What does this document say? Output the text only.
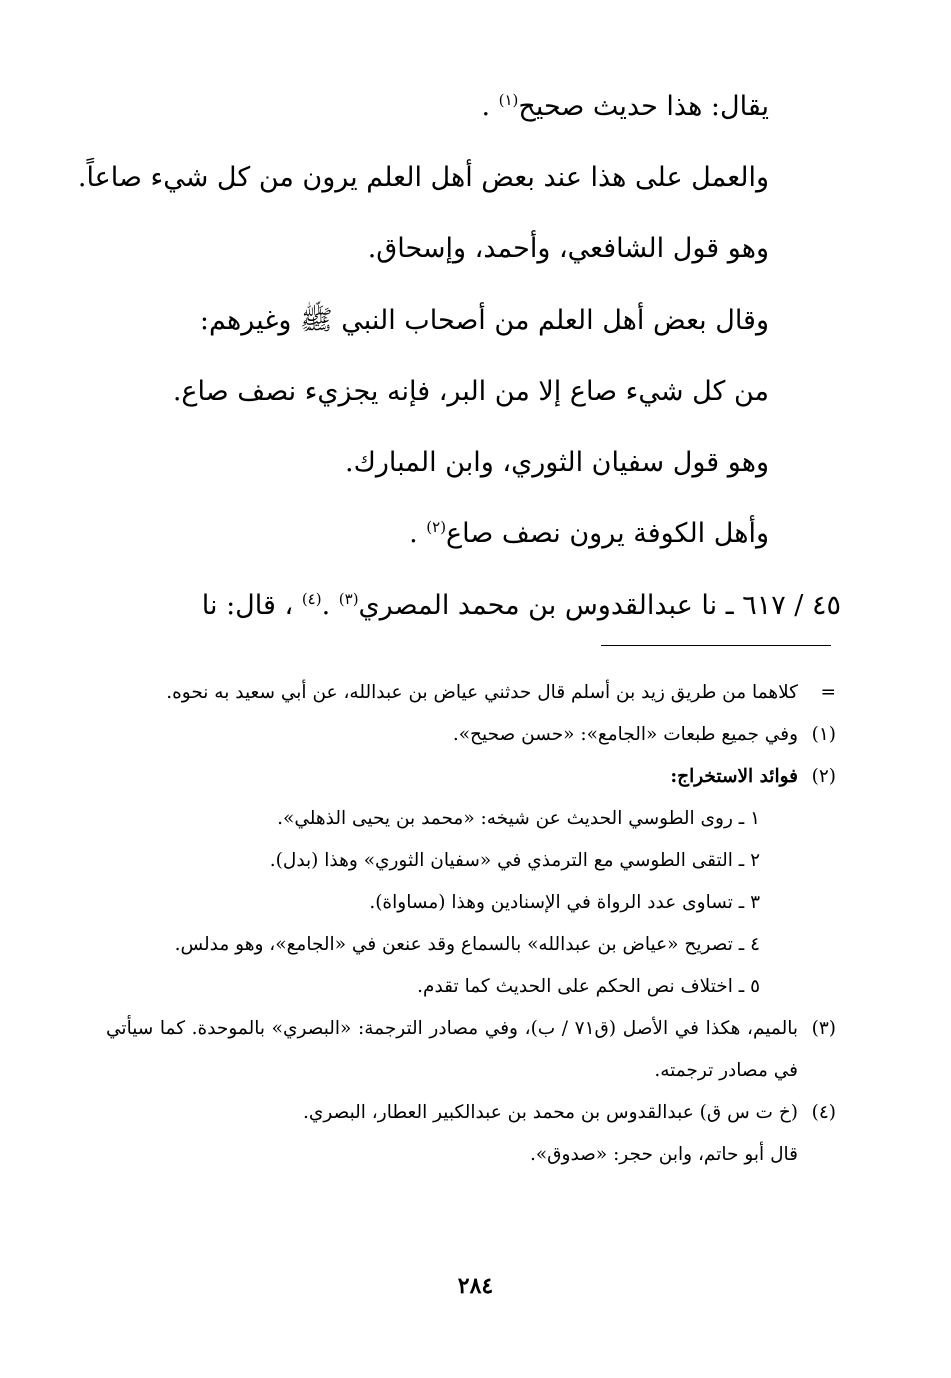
يقال: هذا حديث صحيح$^{(١)}$ .
والعمل على هذا عند بعض أهل العلم يرون من كل شيء صاعاً.
وهو قول الشافعي، وأحمد، وإسحاق.
وقال بعض أهل العلم من أصحاب النبي ﷺ وغيرهم:
من كل شيء صاع إلا من البر، فإنه يجزيء نصف صاع.
وهو قول سفيان الثوري، وابن المبارك.
وأهل الكوفة يرون نصف صاع$^{(٢)}$ .
٤٥ / ٦١٧ ـ نا عبدالقدوس بن محمد المصري$^{(٣)}$ .$^{(٤)}$ ، قال: نا
=
كلاهما من طريق زيد بن أسلم قال حدثني عياض بن عبدالله، عن أبي سعيد به نحوه.
(١)
وفي جميع طبعات «الجامع»: «حسن صحيح».
(٢)
فوائد الاستخراج:
١ ـ روى الطوسي الحديث عن شيخه: «محمد بن يحيى الذهلي».
٢ ـ التقى الطوسي مع الترمذي في «سفيان الثوري» وهذا (بدل).
٣ ـ تساوى عدد الرواة في الإسنادين وهذا (مساواة).
٤ ـ تصريح «عياض بن عبدالله» بالسماع وقد عنعن في «الجامع»، وهو مدلس.
٥ ـ اختلاف نص الحكم على الحديث كما تقدم.
(٣)
بالميم، هكذا في الأصل (ق٧١ / ب)، وفي مصادر الترجمة: «البصري» بالموحدة. كما سيأتي في مصادر ترجمته.
(٤)
(خ ت س ق) عبدالقدوس بن محمد بن عبدالكبير العطار، البصري.
قال أبو حاتم، وابن حجر: «صدوق».
٢٨٤
